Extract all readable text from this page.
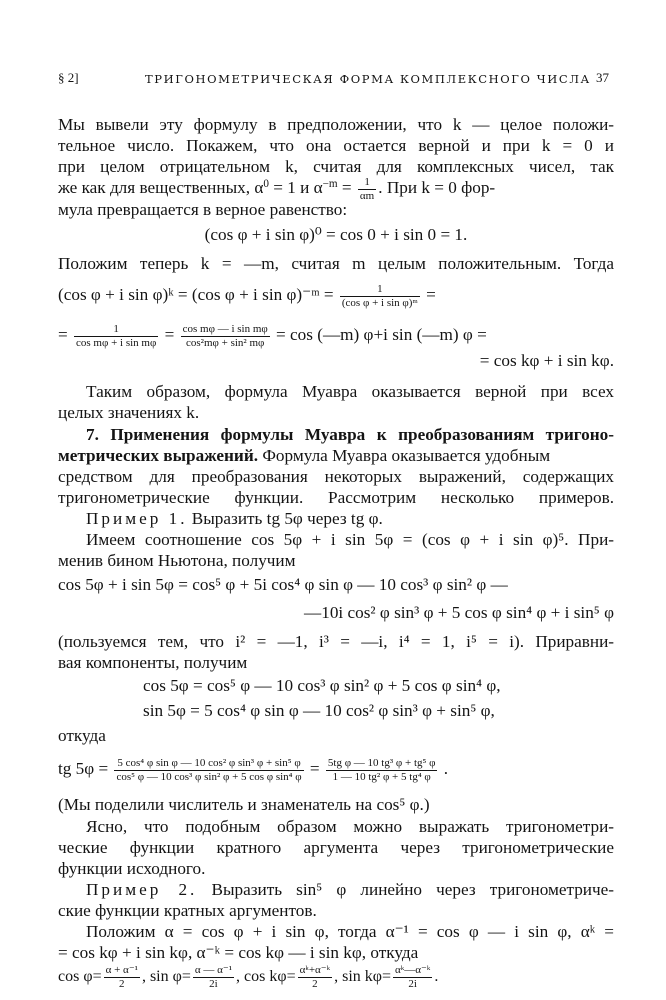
§ 2]	ТРИГОНОМЕТРИЧЕСКАЯ ФОРМА КОМПЛЕКСНОГО ЧИСЛА 37
Мы вывели эту формулу в предположении, что k — целое положи-
тельное число. Покажем, что она остается верной и при k = 0 и
при целом отрицательном k, считая для комплексных чисел, так
же как для вещественных, $\alpha^0 = 1$ и $\alpha^{-m} = \frac{1}{\alpha m}$ . При k = 0 фор-
мула превращается в верное равенство:
(cos φ + i sin φ)⁰ = cos 0 + i sin 0 = 1.
Положим теперь k = —m, считая m целым положительным. Тогда
(cos φ + i sin φ)ᵏ = (cos φ + i sin φ)⁻ᵐ = $\frac{1}{\text{(cos φ + i sin φ)ᵐ}}$ =
= $\frac{1}{\text{cos mφ + i sin mφ}} = \frac{\text{cos mφ — i sin mφ}}{\text{cos²mφ + sin² mφ}} = \cos$ (—m) φ+i sin (—m) φ =
= cos kφ + i sin kφ.
Таким образом, формула Муавра оказывается верной при всех
целых значениях k.
7. Применения формулы Муавра к преобразованиям тригоно-
метрических выражений. Формула Муавра оказывается удобным
средством для преобразования некоторых выражений, содержащих
тригонометрические функции. Рассмотрим несколько примеров.
Пример 1. Выразить tg 5φ через tg φ.
Имеем соотношение cos 5φ + i sin 5φ = (cos φ + i sin φ)⁵. При-
менив бином Ньютона, получим
cos 5φ + i sin 5φ = cos⁵ φ + 5i cos⁴ φ sin φ — 10 cos³ φ sin² φ —
—10i cos² φ sin³ φ + 5 cos φ sin⁴ φ + i sin⁵ φ
(пользуемся тем, что i² = —1, i³ = —i, i⁴ = 1, i⁵ = i). Приравни-
вая компоненты, получим
cos 5φ = cos⁵ φ — 10 cos³ φ sin² φ + 5 cos φ sin⁴ φ,
sin 5φ = 5 cos⁴ φ sin φ — 10 cos² φ sin³ φ + sin⁵ φ,
откуда
tg $5\varphi = \frac{\text{5 cos⁴ φ sin φ — 10 cos² φ sin³ φ + sin⁵ φ}}{\text{cos⁵ φ — 10 cos³ φ sin² φ + 5 cos φ sin⁴ φ}} = \frac{\text{5tg φ — 10 tg³ φ + tg⁵ φ}}{\text{1 — 10 tg² φ + 5 tg⁴ φ}}$ .
(Мы поделили числитель и знаменатель на cos⁵ φ.)
Ясно, что подобным образом можно выражать тригонометри-
ческие функции кратного аргумента через тригонометрические
функции исходного.
Пример 2. Выразить sin⁵ φ линейно через тригонометриче-
ские функции кратных аргументов.
Положим α = cos φ + i sin φ, тогда α⁻¹ = cos φ — i sin φ, αᵏ =
= cos kφ + i sin kφ, α⁻ᵏ = cos kφ — i sin kφ, откуда
$\cos \varphi= \frac{\text{α + α⁻¹}}{2}$ , $\sin \varphi= \frac{\text{α — α⁻¹}}{2i}$ , $\cos k\varphi= \frac{\text{αᵏ+α⁻ᵏ}}{2}$ , $\sin k\varphi= \frac{\text{αᵏ—α⁻ᵏ}}{2i}$ .
